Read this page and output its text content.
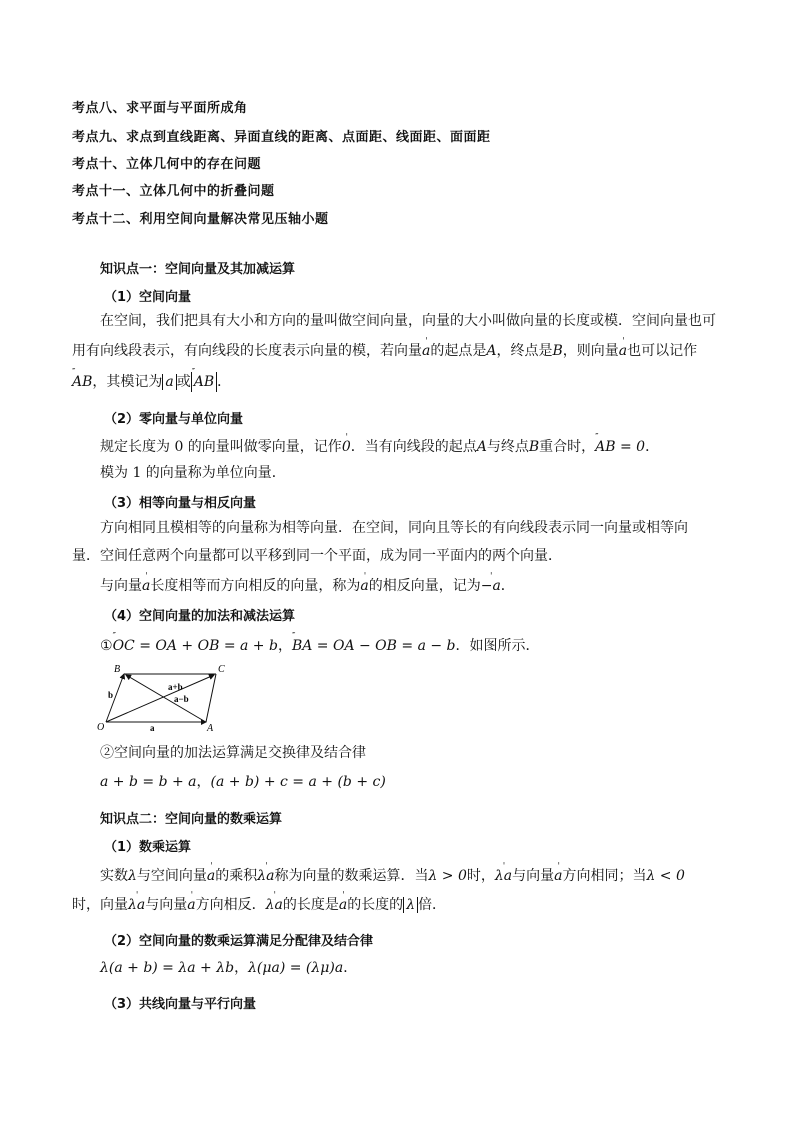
考点八、求平面与平面所成角
考点九、求点到直线距离、异面直线的距离、点面距、线面距、面面距
考点十、立体几何中的存在问题
考点十一、立体几何中的折叠问题
考点十二、利用空间向量解决常见压轴小题
知识点一：空间向量及其加减运算
（1）空间向量
在空间，我们把具有大小和方向的量叫做空间向量，向量的大小叫做向量的长度或模．空间向量也可
用有向线段表示，有向线段的长度表示向量的模，若向量' a的起点是A，终点是B，则向量' a也可以记作
′′′ AB，其模记为 a 或′′′ AB ．
（2）零向量与单位向量
规定长度为 0 的向量叫做零向量，记作' 0．当有向线段的起点A与终点B重合时，′′′ AB = 0．
模为 1 的向量称为单位向量．
（3）相等向量与相反向量
方向相同且模相等的向量称为相等向量．在空间，同向且等长的有向线段表示同一向量或相等向
量．空间任意两个向量都可以平移到同一个平面，成为同一平面内的两个向量．
与向量' a长度相等而方向相反的向量，称为' a的相反向量，记为' −a．
（4）空间向量的加法和减法运算
①′′′ OC = OA + OB = a + b，′′′ BA = OA − OB = a − b．如图所示．
B	C
O	A
b
a
a+b
a−b
②空间向量的加法运算满足交换律及结合律
a + b = b + a，(a + b) + c = a + (b + c)
知识点二：空间向量的数乘运算
（1）数乘运算
实数λ与空间向量' a的乘积' λa称为向量的数乘运算．当λ > 0时，' λa与向量' a方向相同；当λ < 0
时，向量' λa与向量' a方向相反．' λa的长度是' a的长度的 λ 倍．
（2）空间向量的数乘运算满足分配律及结合律
λ(a + b) = λa + λb，λ(μa) = (λμ)a．
（3）共线向量与平行向量
